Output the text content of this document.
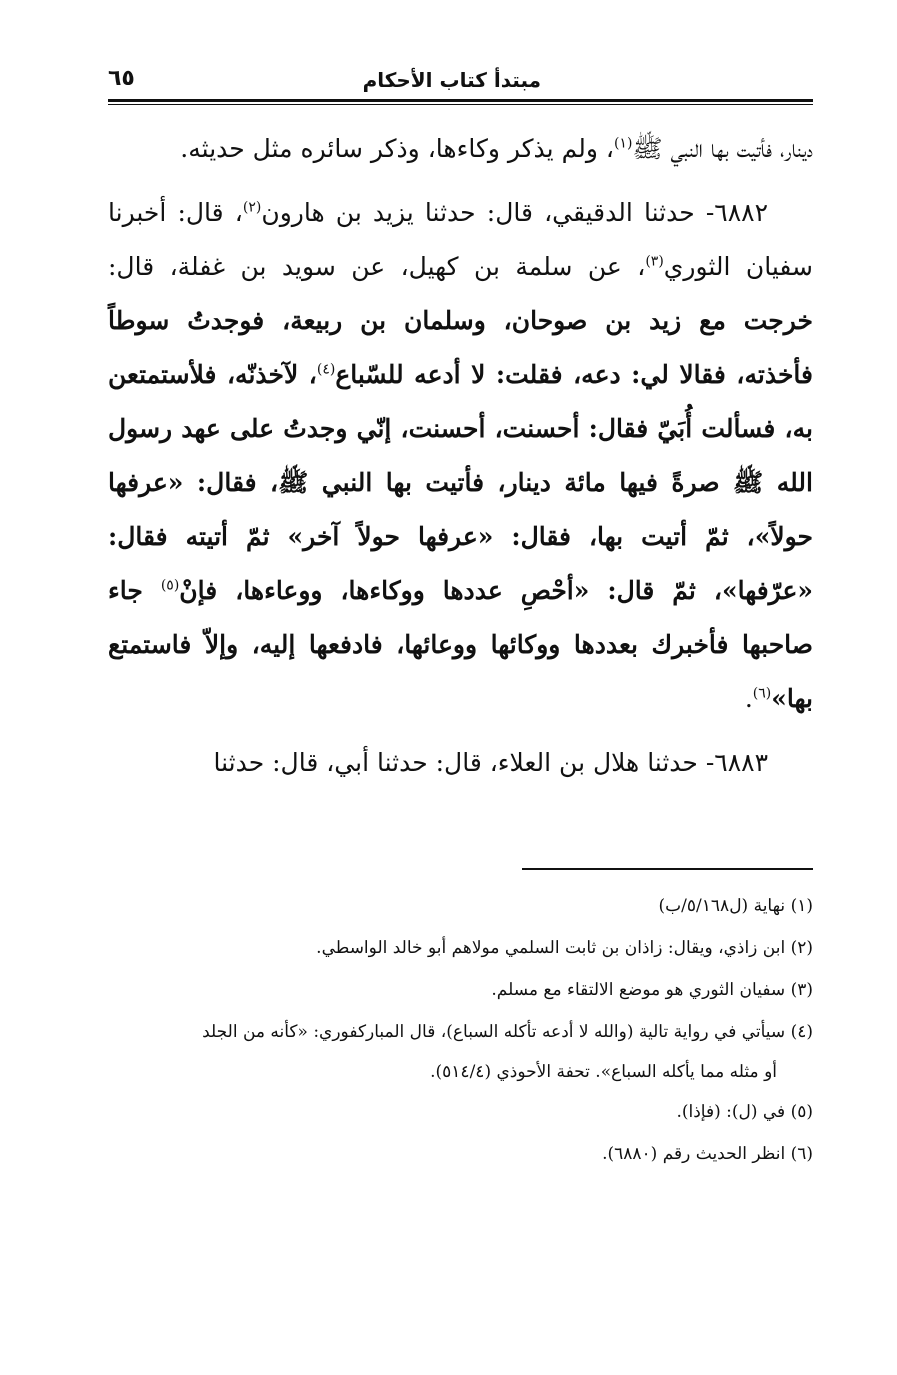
مبتدأ كتاب الأحكام
٦٥

دينار، فأتيت بها النبي ﷺ$^{(١)}$، ولم يذكر وكاءها، وذكر سائره مثل حديثه.

٦٨٨٢- حدثنا الدقيقي، قال: حدثنا يزيد بن هارون$^{(٢)}$، قال: أخبرنا سفيان الثوري$^{(٣)}$، عن سلمة بن كهيل، عن سويد بن غفلة، قال: خرجت مع زيد بن صوحان، وسلمان بن ربيعة، فوجدتُ سوطاً فأخذته، فقالا لي: دعه، فقلت: لا أدعه للسّباع$^{(٤)}$، لآخذنّه، فلأستمتعن به، فسألت أُبَيّ فقال: أحسنت، أحسنت، إنّي وجدتُ على عهد رسول الله ﷺ صرةً فيها مائة دينار، فأتيت بها النبي ﷺ، فقال: «عرفها حولاً»، ثمّ أتيت بها، فقال: «عرفها حولاً آخر» ثمّ أتيته فقال: «عرّفها»، ثمّ قال: «أحْصِ عددها ووكاءها، ووعاءها، فإنْ$^{(٥)}$ جاء صاحبها فأخبرك بعددها ووكائها ووعائها، فادفعها إليه، وإلاّ فاستمتع بها»$^{(٦)}$.

٦٨٨٣- حدثنا هلال بن العلاء، قال: حدثنا أبي، قال: حدثنا

(١) نهاية (ل٥/١٦٨/ب)

(٢) ابن زاذي، ويقال: زاذان بن ثابت السلمي مولاهم أبو خالد الواسطي.

(٣) سفيان الثوري هو موضع الالتقاء مع مسلم.

(٤) سيأتي في رواية تالية (والله لا أدعه تأكله السباع)، قال المباركفوري: «كأنه من الجلد

أو مثله مما يأكله السباع». تحفة الأحوذي (٥١٤/٤).

(٥) في (ل): (فإذا).

(٦) انظر الحديث رقم (٦٨٨٠).
